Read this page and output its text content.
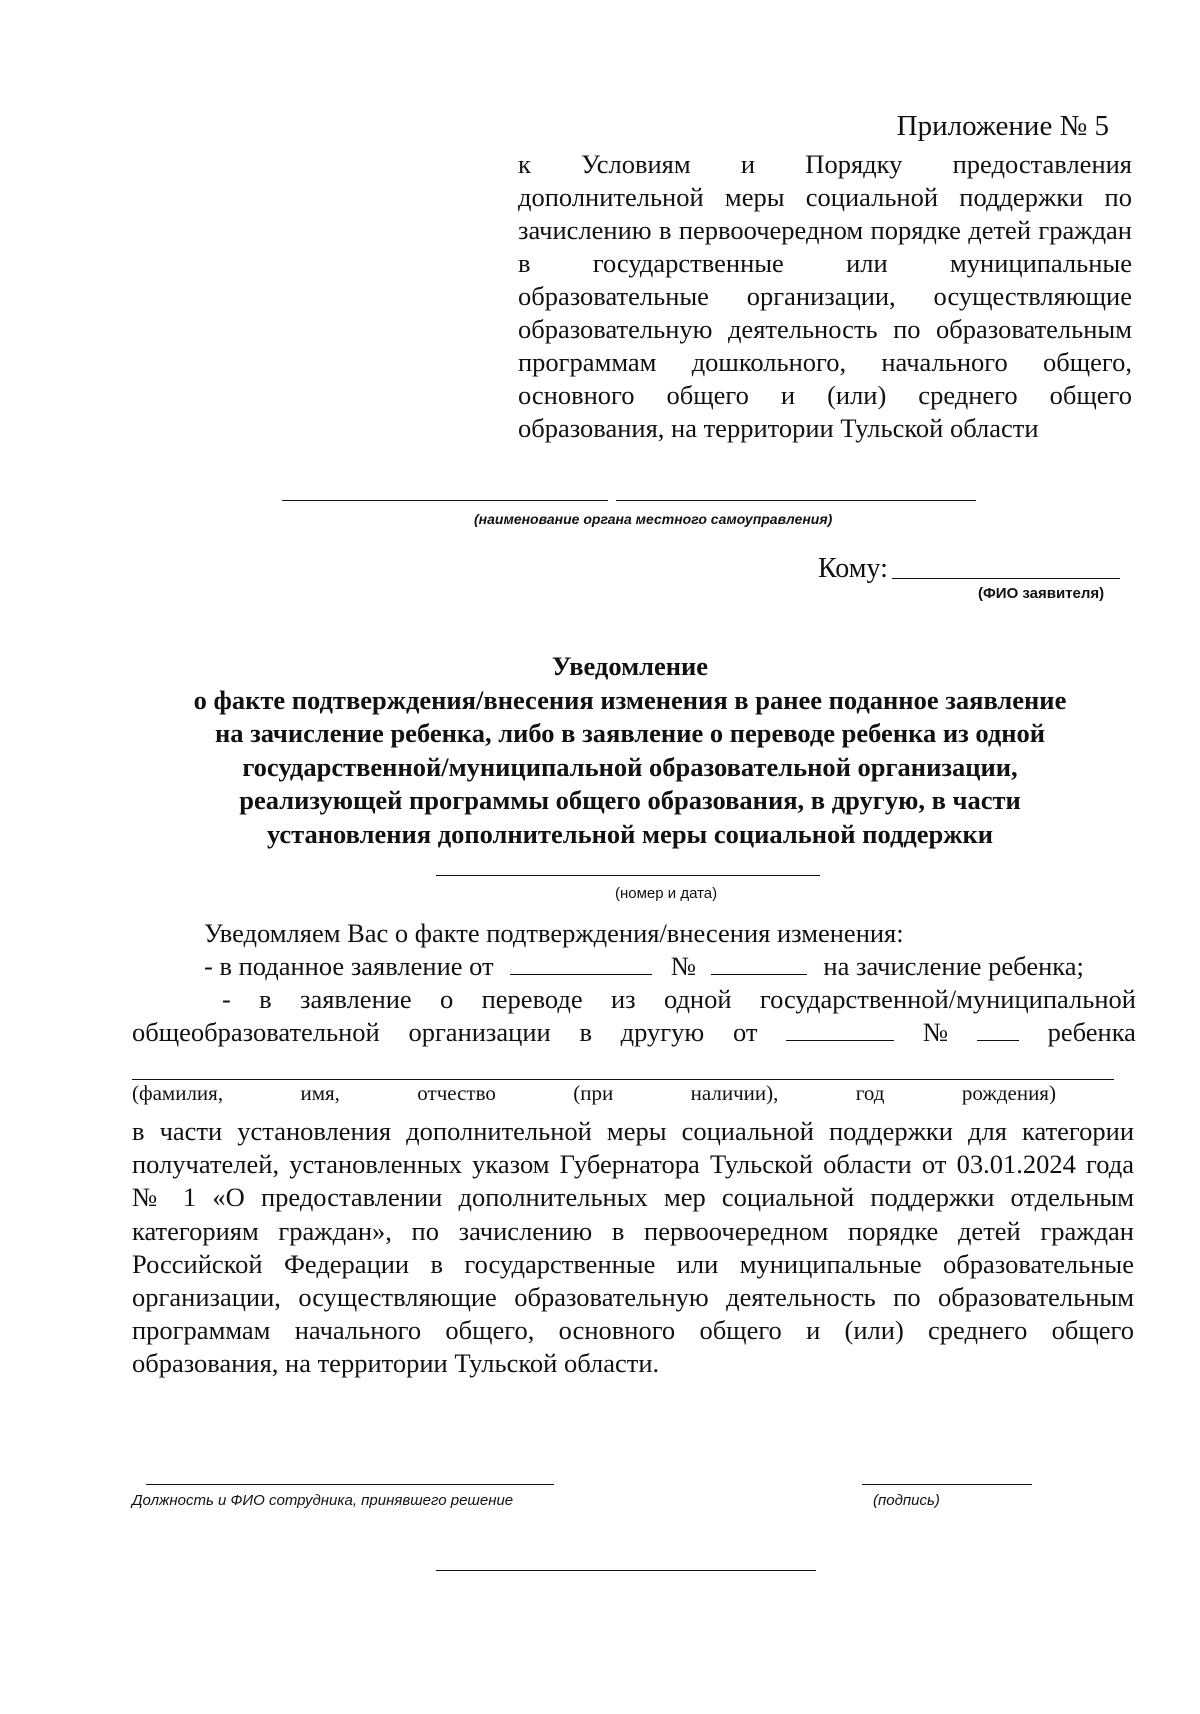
Приложение № 5
к Условиям и Порядку предоставления дополнительной меры социальной поддержки по зачислению в первоочередном порядке детей граждан в государственные или муниципальные образовательные организации, осуществляющие образовательную деятельность по образовательным программам дошкольного, начального общего, основного общего и (или) среднего общего образования, на территории Тульской области
(наименование органа местного самоуправления)
Кому:
(ФИО заявителя)
Уведомление
о факте подтверждения/внесения изменения в ранее поданное заявление
на зачисление ребенка, либо в заявление о переводе ребенка из одной
государственной/муниципальной образовательной организации,
реализующей программы общего образования, в другую, в части
установления дополнительной меры социальной поддержки
(номер и дата)
Уведомляем Вас о факте подтверждения/внесения изменения:
- в поданное заявление от	№	на зачисление ребенка;
- в заявление о переводе из одной государственной/муниципальной
общеобразовательной организации в другую от	№	ребенка
(фамилия,	имя,	отчество	(при	наличии),	год	рождения)
в части установления дополнительной меры социальной поддержки для категории получателей, установленных указом Губернатора Тульской области от 03.01.2024 года № 1 «О предоставлении дополнительных мер социальной поддержки отдельным категориям граждан», по зачислению в первоочередном порядке детей граждан Российской Федерации в государственные или муниципальные образовательные организации, осуществляющие образовательную деятельность по образовательным программам начального общего, основного общего и (или) среднего общего образования, на территории Тульской области.
Должность и ФИО сотрудника, принявшего решение	(подпись)
